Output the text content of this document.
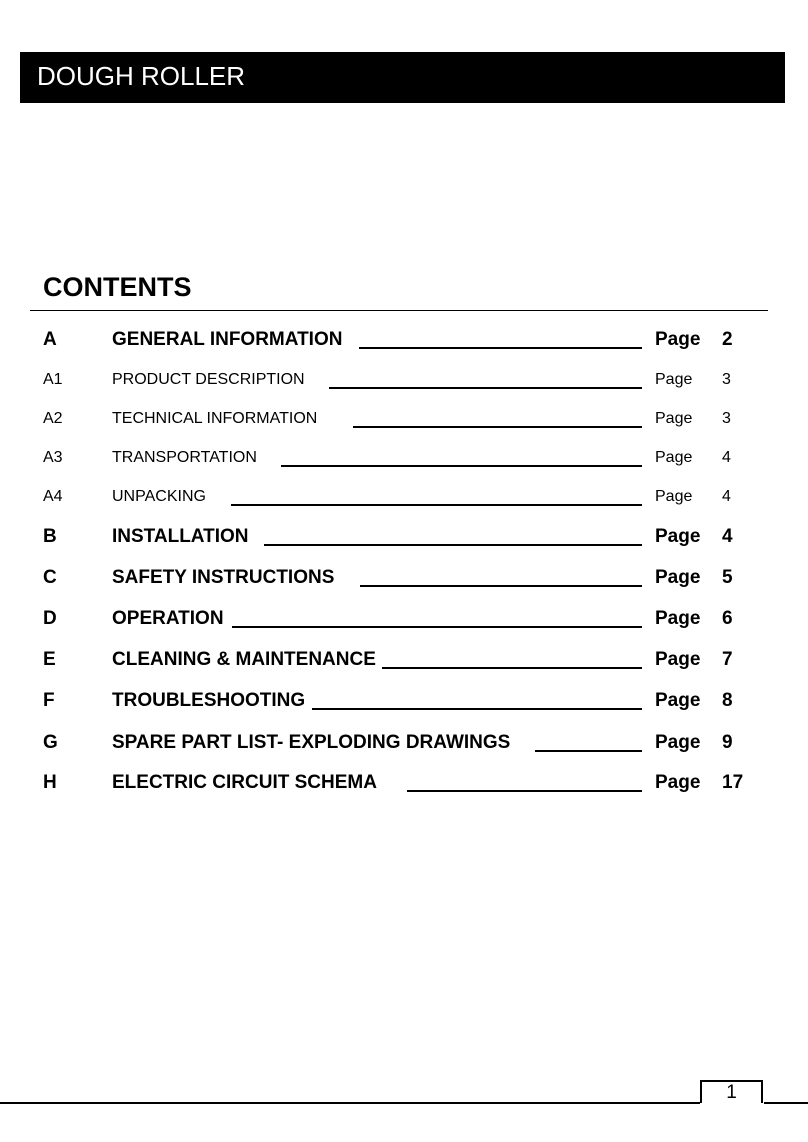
DOUGH ROLLER
CONTENTS
A	GENERAL INFORMATION	Page 2
A1	PRODUCT DESCRIPTION	Page 3
A2	TECHNICAL INFORMATION	Page 3
A3	TRANSPORTATION	Page 4
A4	UNPACKING	Page 4
B	INSTALLATION	Page 4
C	SAFETY INSTRUCTIONS	Page 5
D	OPERATION	Page 6
E	CLEANING & MAINTENANCE	Page 7
F	TROUBLESHOOTING	Page 8
G	SPARE PART LIST- EXPLODING DRAWINGS	Page 9
H	ELECTRIC CIRCUIT SCHEMA	Page 17
1
